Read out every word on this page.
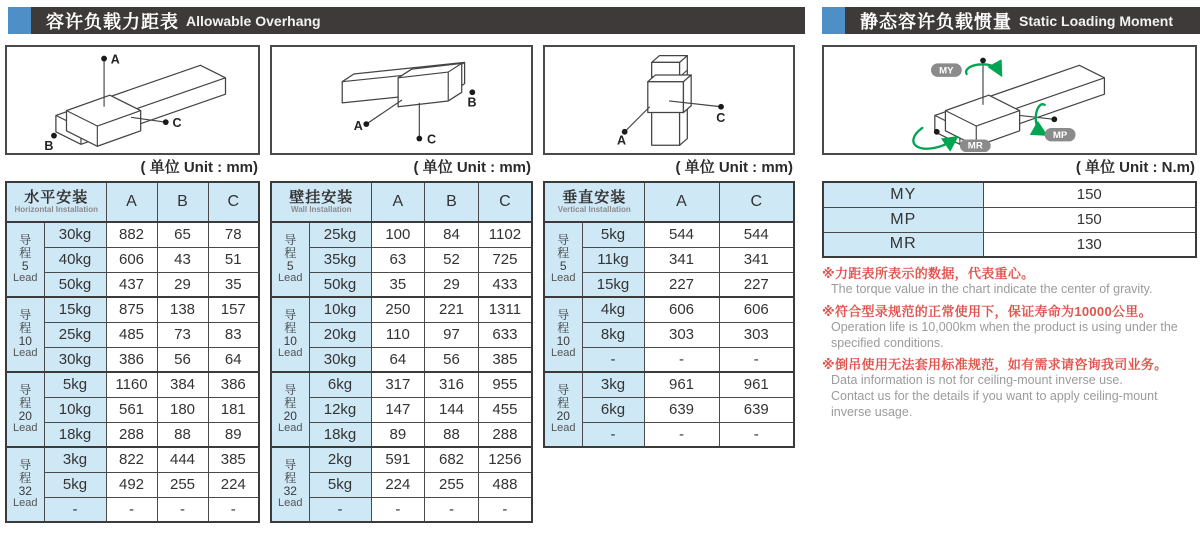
容许负载力距表 Allowable Overhang	静态容许负载惯量 Static Loading Moment
A
B
C
( 单位 Unit : mm)
水平安装
Horizontal Installation		A	B	C

导
程
5
Lead	30kg	882	65	78
	40kg	606	43	51
	50kg	437	29	35

导
程
10
Lead	15kg	875	138	157
	25kg	485	73	83
	30kg	386	56	64

导
程
20
Lead	5kg	1160	384	386
	10kg	561	180	181
	18kg	288	88	89

导
程
32
Lead	3kg	822	444	385
	5kg	492	255	224
	-	-	-	-
A
C
B
( 单位 Unit : mm)
壁挂安装
Wall Installation		A	B	C

导
程
5
Lead	25kg	100	84	1102
	35kg	63	52	725
	50kg	35	29	433

导
程
10
Lead	10kg	250	221	1311
	20kg	110	97	633
	30kg	64	56	385

导
程
20
Lead	6kg	317	316	955
	12kg	147	144	455
	18kg	89	88	288

导
程
32
Lead	2kg	591	682	1256
	5kg	224	255	488
	-	-	-	-
A
C
( 单位 Unit : mm)
垂直安装
Vertical Installation		A	C

导
程
5
Lead	5kg	544	544
	11kg	341	341
	15kg	227	227

导
程
10
Lead	4kg	606	606
	8kg	303	303
	-	-	-

导
程
20
Lead	3kg	961	961
	6kg	639	639
	-	-	-
MY
MP
MR
( 单位 Unit : N.m)
MY	150
MP	150
MR	130
※力距表所表示的数据，代表重心。
The torque value in the chart indicate the center of gravity.
※符合型录规范的正常使用下，保证寿命为10000公里。
Operation life is 10,000km when the product is using under the
specified conditions.
※倒吊使用无法套用标准规范，如有需求请咨询我司业务。
Data information is not for ceiling-mount inverse use.
Contact us for the details if you want to apply ceiling-mount
inverse usage.
